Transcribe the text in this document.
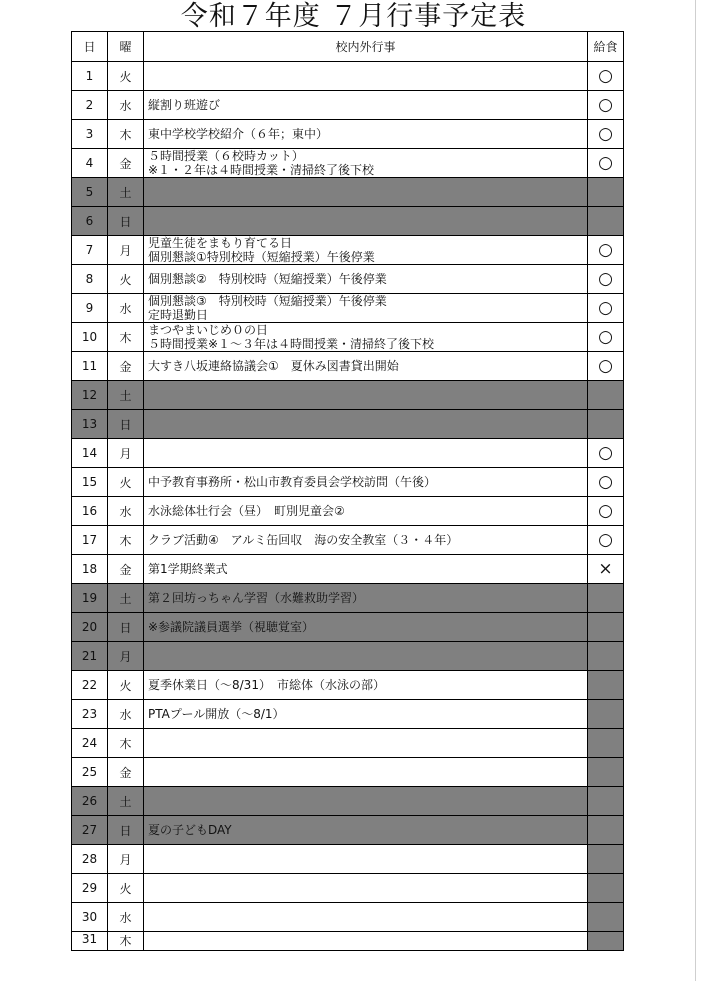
令和７年度 ７月行事予定表
日	曜	校内外行事	給食
1	火		○
2	水	縦割り班遊び	○
3	木	東中学校学校紹介（６年；東中）	○
4	金	５時間授業（６校時カット）
※１・２年は４時間授業・清掃終了後下校	○
5	土		
6	日		
7	月	児童生徒をまもり育てる日
個別懇談①特別校時（短縮授業）午後停業	○
8	火	個別懇談②　特別校時（短縮授業）午後停業	○
9	水	個別懇談③　特別校時（短縮授業）午後停業
定時退勤日	○
10	木	まつやまいじめ０の日
５時間授業※１～３年は４時間授業・清掃終了後下校	○
11	金	大すき八坂連絡協議会①　夏休み図書貸出開始	○
12	土		
13	日		
14	月		○
15	火	中予教育事務所・松山市教育委員会学校訪問（午後）	○
16	水	水泳総体壮行会（昼）　町別児童会②	○
17	木	クラブ活動④　アルミ缶回収　海の安全教室（３・４年）	○
18	金	第1学期終業式	×
19	土	第２回坊っちゃん学習（水難救助学習）	
20	日	※参議院議員選挙（視聴覚室）	
21	月		
22	火	夏季休業日（～8/31）　市総体（水泳の部）	
23	水	PTAプール開放（～8/1）	
24	木		
25	金		
26	土		
27	日	夏の子どもDAY	
28	月		
29	火		
30	水		
31	木		
